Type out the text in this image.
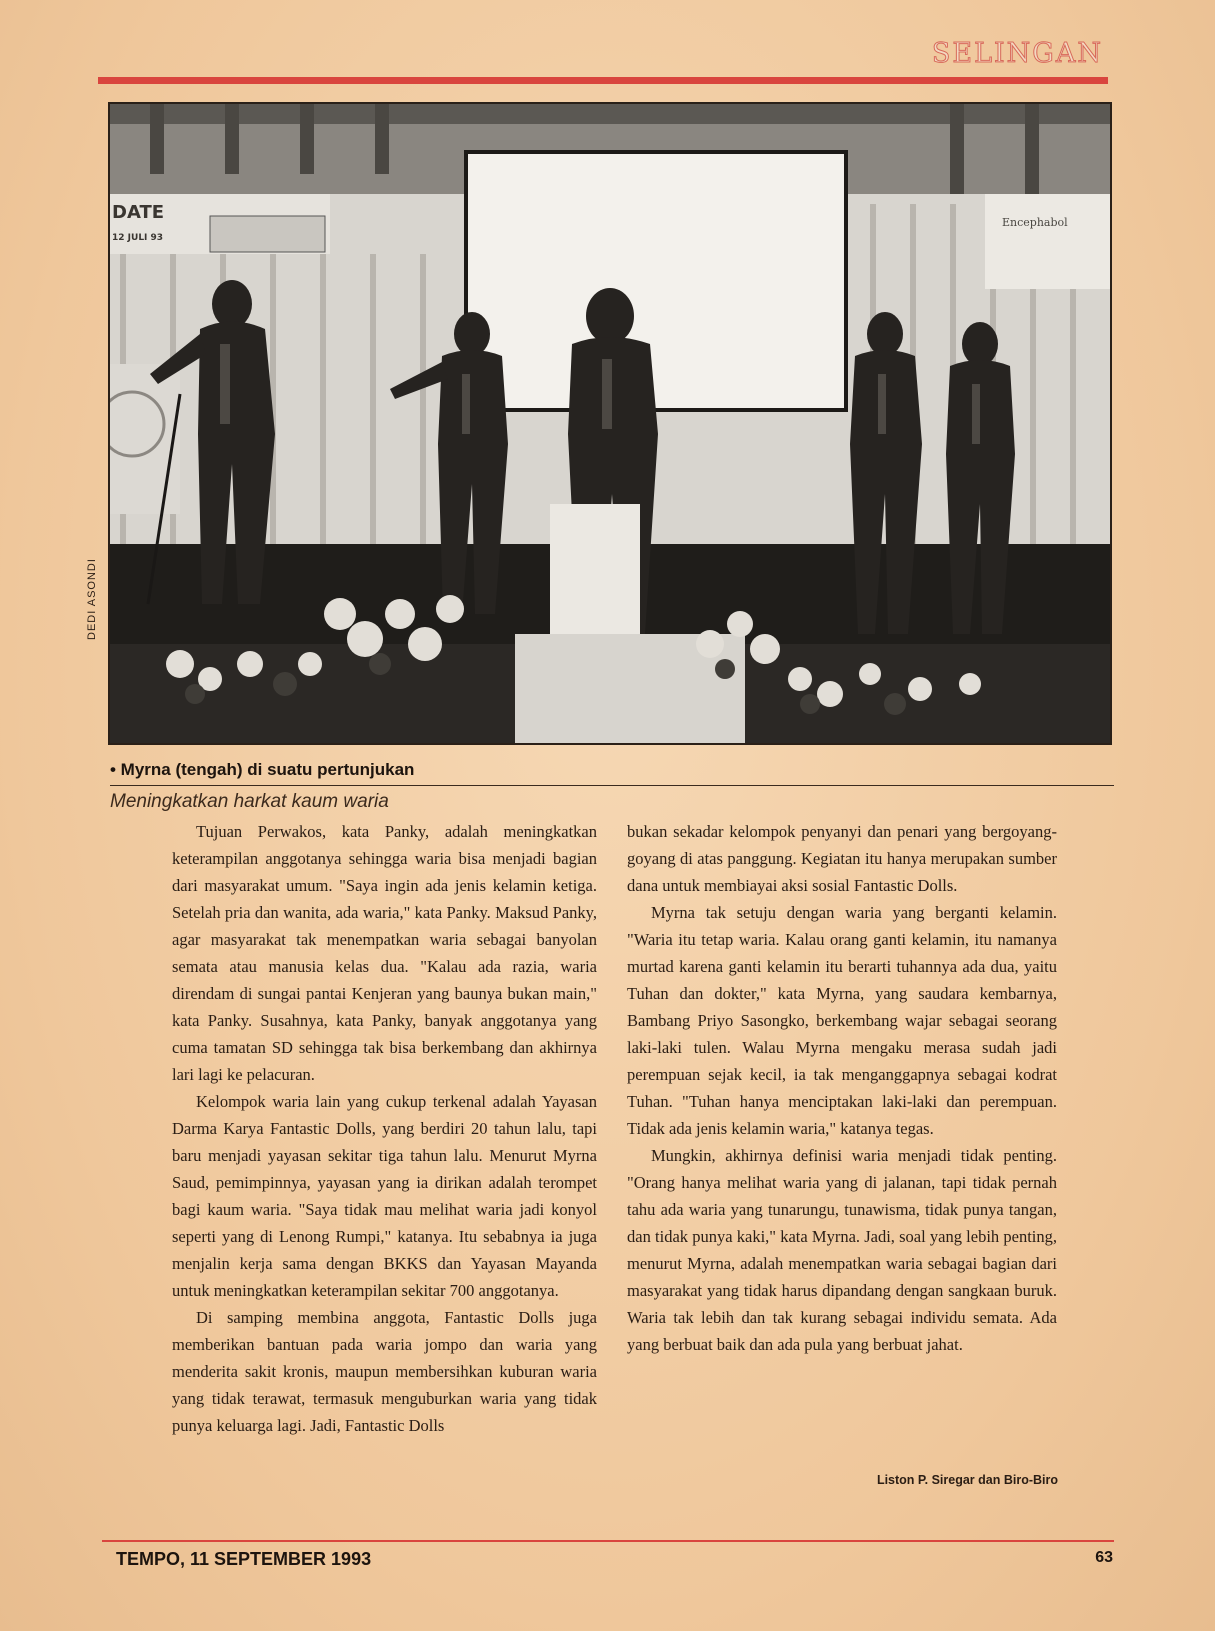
SELINGAN
DATE
12 JULI 93
Encephabol
DEDI ASONDI
• Myrna (tengah) di suatu pertunjukan
Meningkatkan harkat kaum waria

Tujuan Perwakos, kata Panky, adalah meningkatkan keterampilan anggotanya sehingga waria bisa menjadi bagian dari masyarakat umum. "Saya ingin ada jenis kelamin ketiga. Setelah pria dan wanita, ada waria," kata Panky. Maksud Panky, agar masyarakat tak menempatkan waria sebagai banyolan semata atau manusia kelas dua. "Kalau ada razia, waria direndam di sungai pantai Kenjeran yang baunya bukan main," kata Panky. Susahnya, kata Panky, banyak anggotanya yang cuma tamatan SD sehingga tak bisa berkembang dan akhirnya lari lagi ke pelacuran.

Kelompok waria lain yang cukup terkenal adalah Yayasan Darma Karya Fantastic Dolls, yang berdiri 20 tahun lalu, tapi baru menjadi yayasan sekitar tiga tahun lalu. Menurut Myrna Saud, pemimpinnya, yayasan yang ia dirikan adalah terompet bagi kaum waria. "Saya tidak mau melihat waria jadi konyol seperti yang di Lenong Rumpi," katanya. Itu sebabnya ia juga menjalin kerja sama dengan BKKS dan Yayasan Mayanda untuk meningkatkan keterampilan sekitar 700 anggotanya.

Di samping membina anggota, Fantastic Dolls juga memberikan bantuan pada waria jompo dan waria yang menderita sakit kronis, maupun membersihkan kuburan waria yang tidak terawat, termasuk menguburkan waria yang tidak punya keluarga lagi. Jadi, Fantastic Dolls

bukan sekadar kelompok penyanyi dan penari yang bergoyang-goyang di atas panggung. Kegiatan itu hanya merupakan sumber dana untuk membiayai aksi sosial Fantastic Dolls.

Myrna tak setuju dengan waria yang berganti kelamin. "Waria itu tetap waria. Kalau orang ganti kelamin, itu namanya murtad karena ganti kelamin itu berarti tuhannya ada dua, yaitu Tuhan dan dokter," kata Myrna, yang saudara kembarnya, Bambang Priyo Sasongko, berkembang wajar sebagai seorang laki-laki tulen. Walau Myrna mengaku merasa sudah jadi perempuan sejak kecil, ia tak menganggapnya sebagai kodrat Tuhan. "Tuhan hanya menciptakan laki-laki dan perempuan. Tidak ada jenis kelamin waria," katanya tegas.

Mungkin, akhirnya definisi waria menjadi tidak penting. "Orang hanya melihat waria yang di jalanan, tapi tidak pernah tahu ada waria yang tunarungu, tunawisma, tidak punya tangan, dan tidak punya kaki," kata Myrna. Jadi, soal yang lebih penting, menurut Myrna, adalah menempatkan waria sebagai bagian dari masyarakat yang tidak harus dipandang dengan sangkaan buruk. Waria tak lebih dan tak kurang sebagai individu semata. Ada yang berbuat baik dan ada pula yang berbuat jahat.

Liston P. Siregar dan Biro-Biro
TEMPO, 11 SEPTEMBER 1993	63
